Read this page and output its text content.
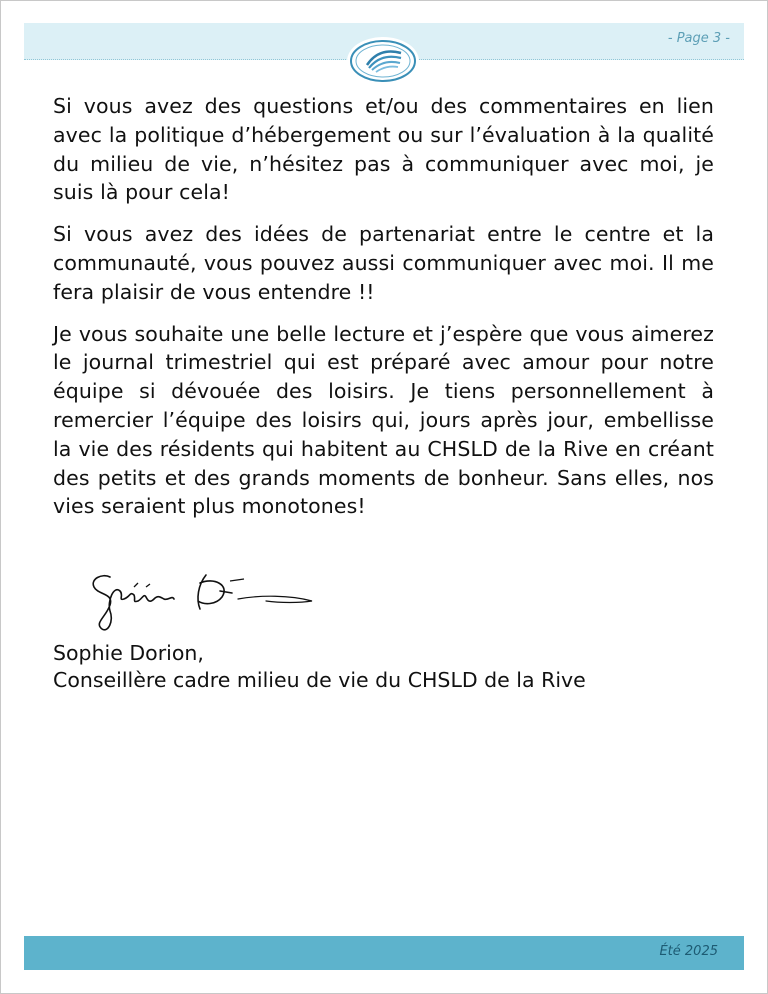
- Page 3 -

Si vous avez des questions et/ou des commentaires en lien avec la politique d’hébergement ou sur l’évaluation à la qualité du milieu de vie, n’hésitez pas à communiquer avec moi, je suis là pour cela!

Si vous avez des idées de partenariat entre le centre et la communauté, vous pouvez aussi communiquer avec moi. Il me fera plaisir de vous entendre !!

Je vous souhaite une belle lecture et j’espère que vous aimerez le journal trimestriel qui est préparé avec amour pour notre équipe si dévouée des loisirs. Je tiens personnellement à remercier l’équipe des loisirs qui, jours après jour, embellisse la vie des résidents qui habitent au CHSLD de la Rive en créant des petits et des grands moments de bonheur. Sans elles, nos vies seraient plus monotones!

Sophie Dorion,
Conseillère cadre milieu de vie du CHSLD de la Rive
Été 2025
